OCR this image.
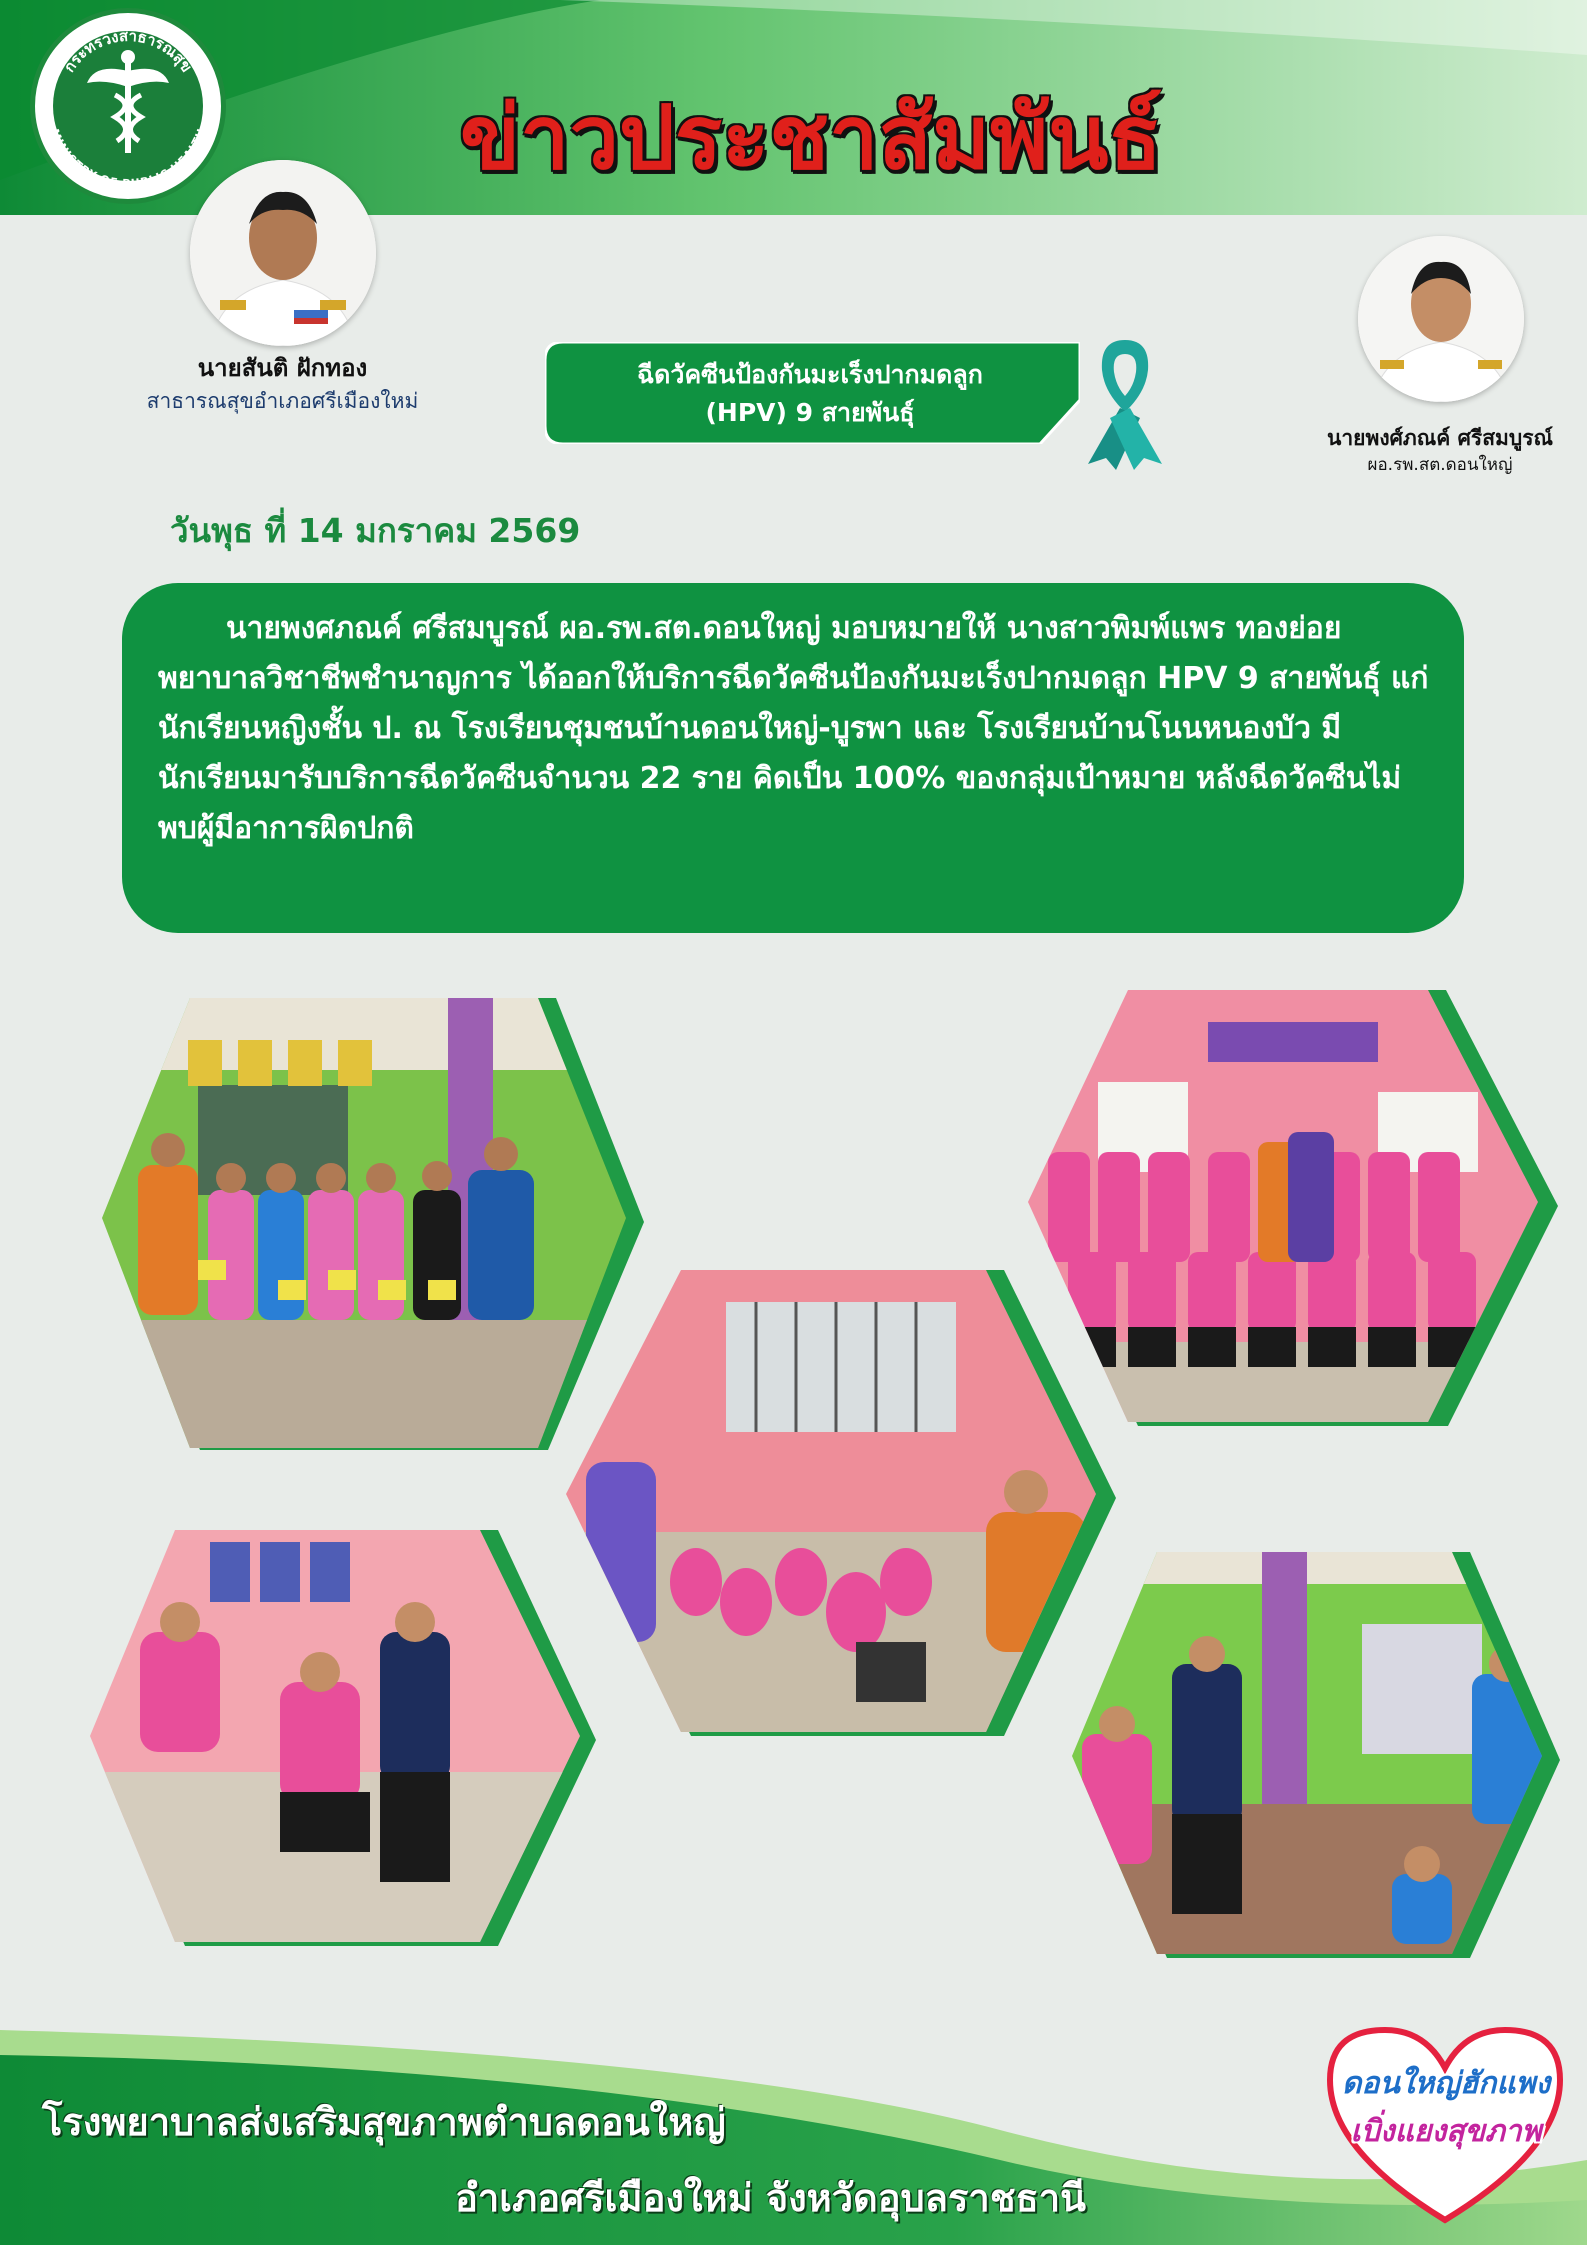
กระทรวงสาธารณสุข
MINISTRY OF PUBLIC HEALTH	ข่าวประชาสัมพันธ์
นายสันติ ฝักทอง
สาธารณสุขอำเภอศรีเมืองใหม่
นายพงศ์ภณค์ ศรีสมบูรณ์
ผอ.รพ.สต.ดอนใหญ่
ฉีดวัคซีนป้องกันมะเร็งปากมดลูก
(HPV) 9 สายพันธุ์
วันพุธ ที่ 14 มกราคม 2569
นายพงศภณค์ ศรีสมบูรณ์ ผอ.รพ.สต.ดอนใหญ่ มอบหมายให้ นางสาวพิมพ์แพร ทองย่อย พยาบาลวิชาชีพชำนาญการ ได้ออกให้บริการฉีดวัคซีนป้องกันมะเร็งปากมดลูก HPV 9 สายพันธุ์ แก่นักเรียนหญิงชั้น ป. ณ โรงเรียนชุมชนบ้านดอนใหญ่-บูรพา และ โรงเรียนบ้านโนนหนองบัว มีนักเรียนมารับบริการฉีดวัคซีนจำนวน 22 ราย คิดเป็น 100% ของกลุ่มเป้าหมาย หลังฉีดวัคซีนไม่พบผู้มีอาการผิดปกติ
โรงพยาบาลส่งเสริมสุขภาพตำบลดอนใหญ่
อำเภอศรีเมืองใหม่ จังหวัดอุบลราชธานี
ดอนใหญ่ฮักแพง
เบิ่งแยงสุขภาพ
